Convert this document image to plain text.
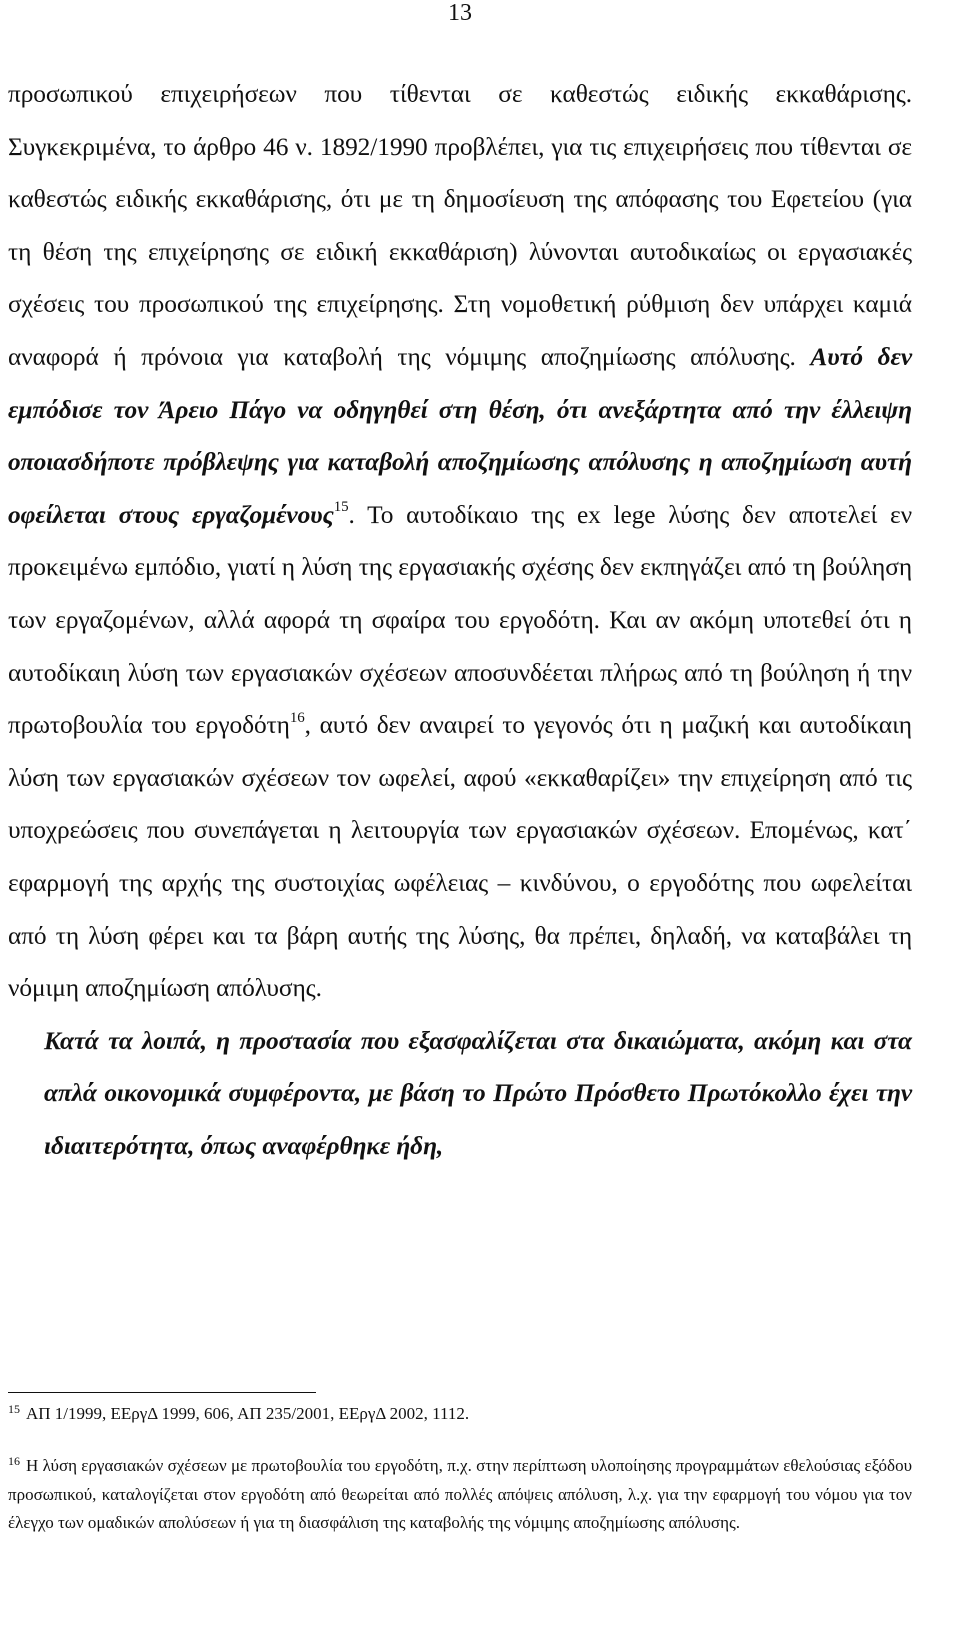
13

προσωπικού επιχειρήσεων που τίθενται σε καθεστώς ειδικής εκκαθάρισης. Συγκεκριμένα, το άρθρο 46 ν. 1892/1990 προβλέπει, για τις επιχειρήσεις που τίθενται σε καθεστώς ειδικής εκκαθάρισης, ότι με τη δημοσίευση της απόφασης του Εφετείου (για τη θέση της επιχείρησης σε ειδική εκκαθάριση) λύνονται αυτοδικαίως οι εργασιακές σχέσεις του προσωπικού της επιχείρησης. Στη νομοθετική ρύθμιση δεν υπάρχει καμιά αναφορά ή πρόνοια για καταβολή της νόμιμης αποζημίωσης απόλυσης. Αυτό δεν εμπόδισε τον Άρειο Πάγο να οδηγηθεί στη θέση, ότι ανεξάρτητα από την έλλειψη οποιασδήποτε πρόβλεψης για καταβολή αποζημίωσης απόλυσης η αποζημίωση αυτή οφείλεται στους εργαζομένους$^{15}$. Το αυτοδίκαιο της ex lege λύσης δεν αποτελεί εν προκειμένω εμπόδιο, γιατί η λύση της εργασιακής σχέσης δεν εκπηγάζει από τη βούληση των εργαζομένων, αλλά αφορά τη σφαίρα του εργοδότη. Και αν ακόμη υποτεθεί ότι η αυτοδίκαιη λύση των εργασιακών σχέσεων αποσυνδέεται πλήρως από τη βούληση ή την πρωτοβουλία του εργοδότη$^{16}$, αυτό δεν αναιρεί το γεγονός ότι η μαζική και αυτοδίκαιη λύση των εργασιακών σχέσεων τον ωφελεί, αφού «εκκαθαρίζει» την επιχείρηση από τις υποχρεώσεις που συνεπάγεται η λειτουργία των εργασιακών σχέσεων. Επομένως, κατ΄ εφαρμογή της αρχής της συστοιχίας ωφέλειας – κινδύνου, ο εργοδότης που ωφελείται από τη λύση φέρει και τα βάρη αυτής της λύσης, θα πρέπει, δηλαδή, να καταβάλει τη νόμιμη αποζημίωση απόλυσης.

Κατά τα λοιπά, η προστασία που εξασφαλίζεται στα δικαιώματα, ακόμη και στα απλά οικονομικά συμφέροντα, με βάση το Πρώτο Πρόσθετο Πρωτόκολλο έχει την ιδιαιτερότητα, όπως αναφέρθηκε ήδη,

$^{15}$ ΑΠ 1/1999, ΕΕργΔ 1999, 606, ΑΠ 235/2001, ΕΕργΔ 2002, 1112.

$^{16}$ Η λύση εργασιακών σχέσεων με πρωτοβουλία του εργοδότη, π.χ. στην περίπτωση υλοποίησης προγραμμάτων εθελούσιας εξόδου προσωπικού, καταλογίζεται στον εργοδότη από θεωρείται από πολλές απόψεις απόλυση, λ.χ. για την εφαρμογή του νόμου για τον έλεγχο των ομαδικών απολύσεων ή για τη διασφάλιση της καταβολής της νόμιμης αποζημίωσης απόλυσης.
